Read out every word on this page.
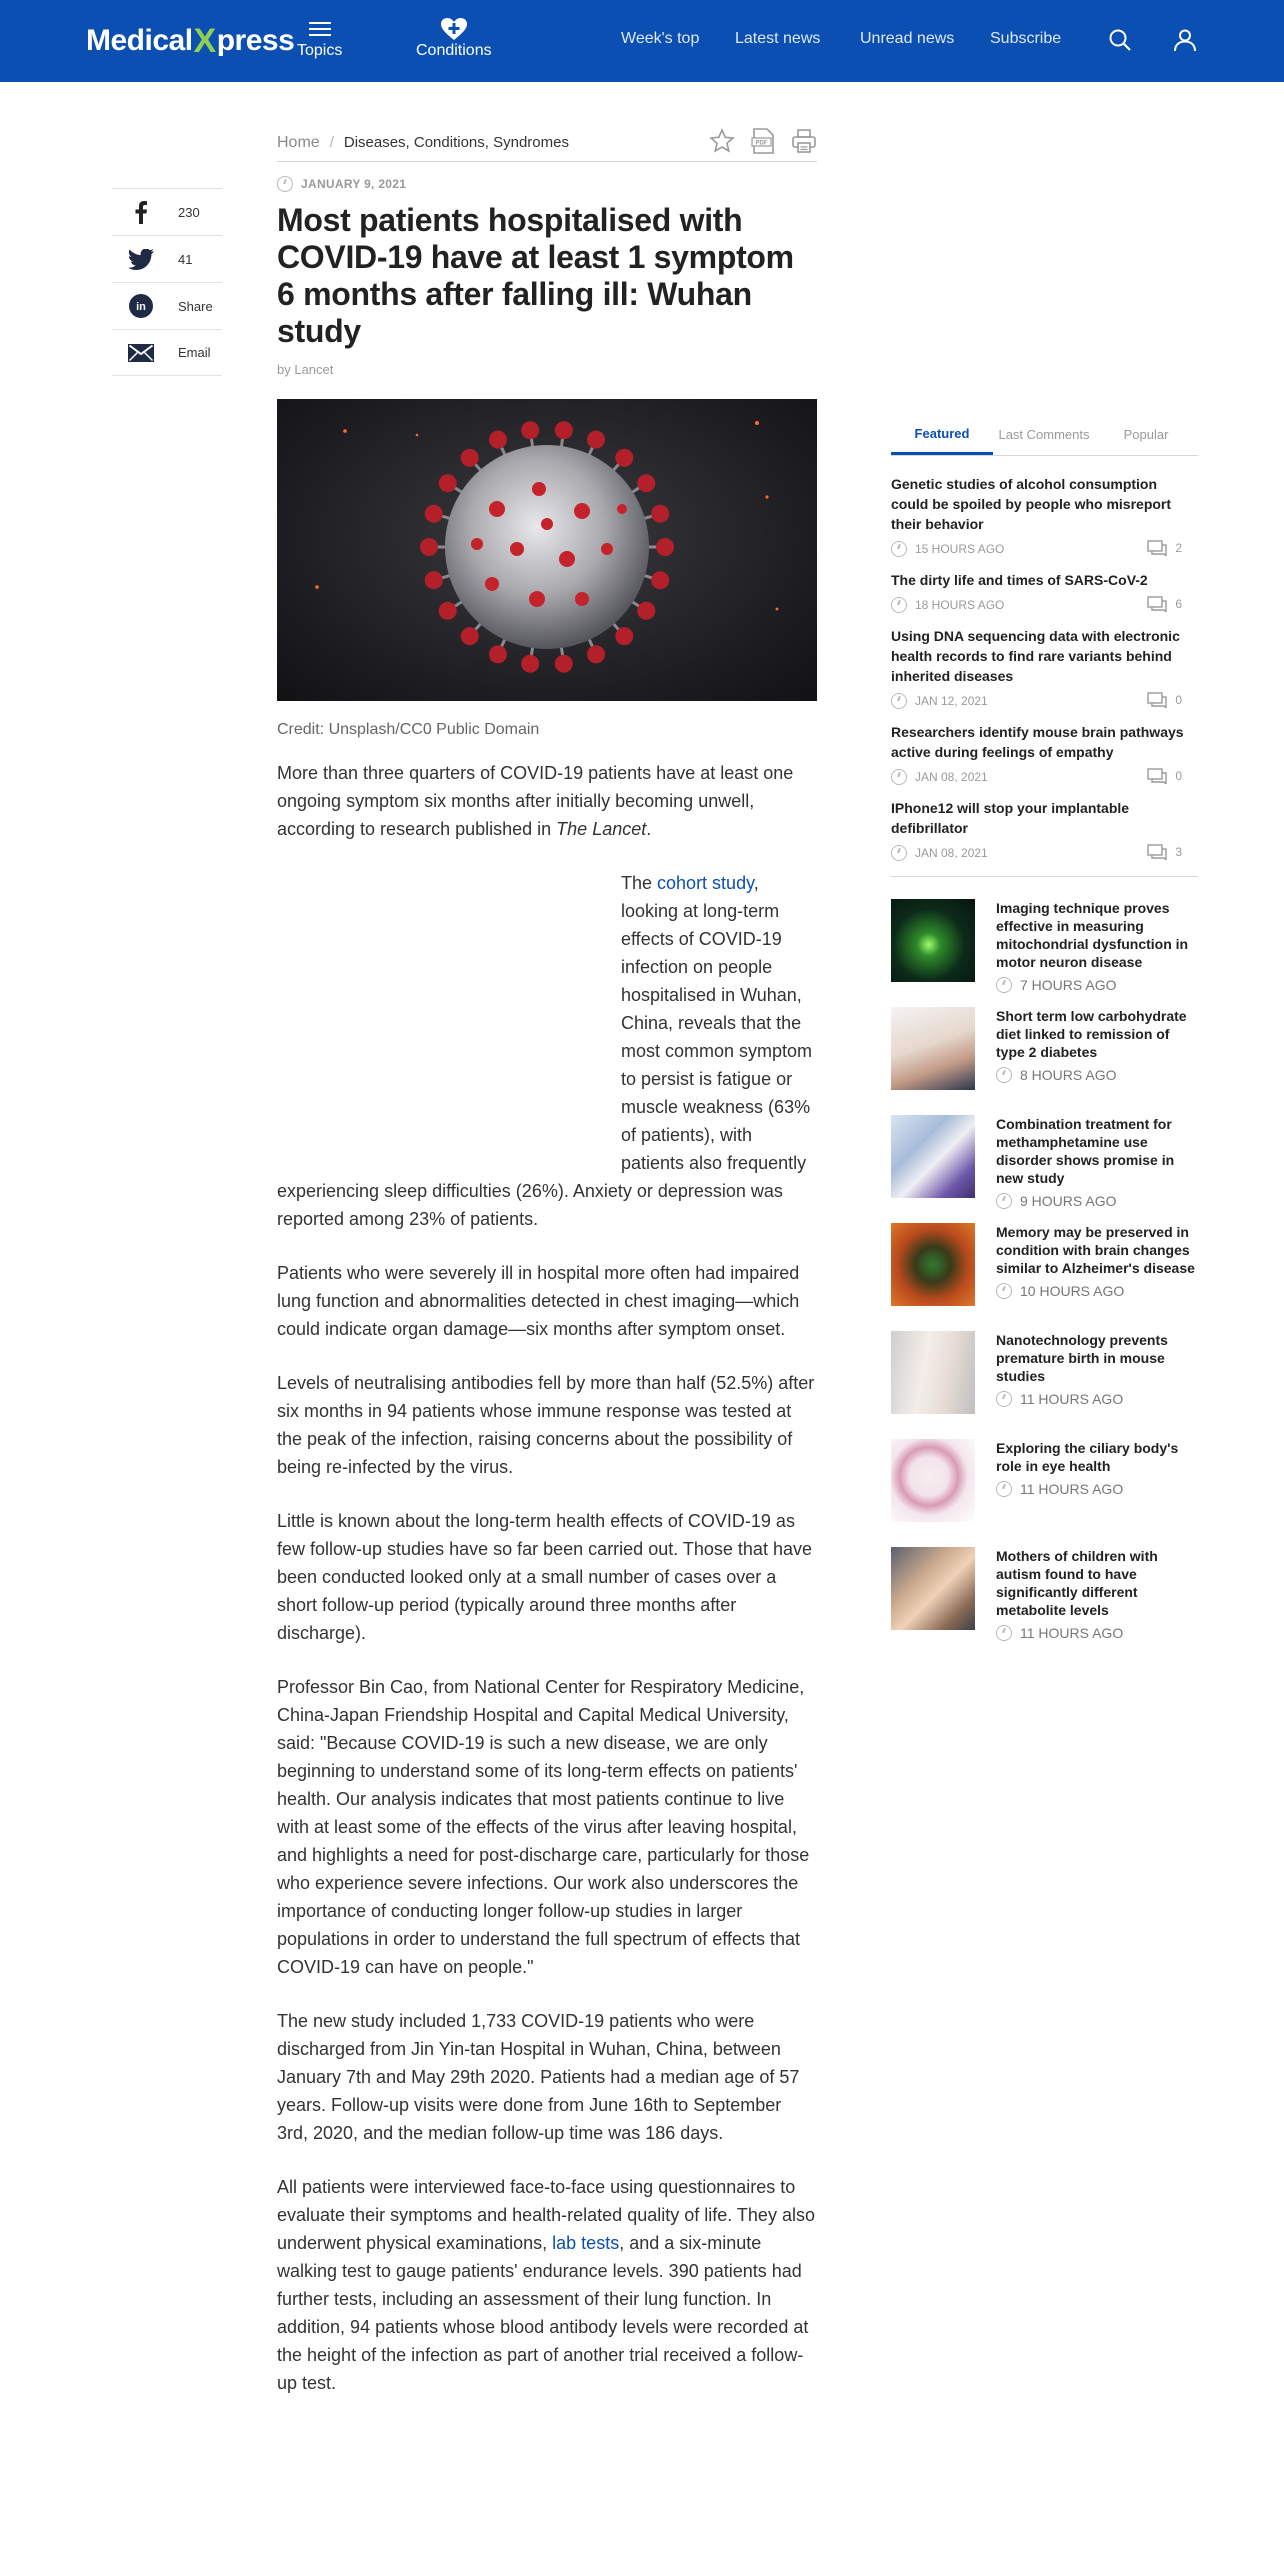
Medical X press Topics	Conditions
Week's top Latest news Unread news Subscribe
230
41
in Share
Email
Home / Diseases, Conditions, Syndromes	PDF
JANUARY 9, 2021
Most patients hospitalised with COVID-19 have at least 1 symptom 6 months after falling ill: Wuhan study
by Lancet
Credit: Unsplash/CC0 Public Domain

More than three quarters of COVID-19 patients have at least one ongoing symptom six months after initially becoming unwell, according to research published in The Lancet.

The cohort study, looking at long-term effects of COVID-19 infection on people hospitalised in Wuhan, China, reveals that the most common symptom to persist is fatigue or muscle weakness (63% of patients), with patients also frequently experiencing sleep difficulties (26%). Anxiety or depression was reported among 23% of patients.

Patients who were severely ill in hospital more often had impaired lung function and abnormalities detected in chest imaging—which could indicate organ damage—six months after symptom onset.

Levels of neutralising antibodies fell by more than half (52.5%) after six months in 94 patients whose immune response was tested at the peak of the infection, raising concerns about the possibility of being re-infected by the virus.

Little is known about the long-term health effects of COVID-19 as few follow-up studies have so far been carried out. Those that have been conducted looked only at a small number of cases over a short follow-up period (typically around three months after discharge).

Professor Bin Cao, from National Center for Respiratory Medicine, China-Japan Friendship Hospital and Capital Medical University, said: "Because COVID-19 is such a new disease, we are only beginning to understand some of its long-term effects on patients' health. Our analysis indicates that most patients continue to live with at least some of the effects of the virus after leaving hospital, and highlights a need for post-discharge care, particularly for those who experience severe infections. Our work also underscores the importance of conducting longer follow-up studies in larger populations in order to understand the full spectrum of effects that COVID-19 can have on people."

The new study included 1,733 COVID-19 patients who were discharged from Jin Yin-tan Hospital in Wuhan, China, between January 7th and May 29th 2020. Patients had a median age of 57 years. Follow-up visits were done from June 16th to September 3rd, 2020, and the median follow-up time was 186 days.

All patients were interviewed face-to-face using questionnaires to evaluate their symptoms and health-related quality of life. They also underwent physical examinations, lab tests, and a six-minute walking test to gauge patients' endurance levels. 390 patients had further tests, including an assessment of their lung function. In addition, 94 patients whose blood antibody levels were recorded at the height of the infection as part of another trial received a follow-up test.

Featured	Last Comments	Popular
Genetic studies of alcohol consumption could be spoiled by people who misreport their behavior
15 HOURS AGO	2
The dirty life and times of SARS-CoV-2
18 HOURS AGO	6
Using DNA sequencing data with electronic health records to find rare variants behind inherited diseases
JAN 12, 2021	0
Researchers identify mouse brain pathways active during feelings of empathy
JAN 08, 2021	0
IPhone12 will stop your implantable defibrillator
JAN 08, 2021	3
Imaging technique proves effective in measuring mitochondrial dysfunction in motor neuron disease
7 HOURS AGO
Short term low carbohydrate diet linked to remission of type 2 diabetes
8 HOURS AGO
Combination treatment for methamphetamine use disorder shows promise in new study
9 HOURS AGO
Memory may be preserved in condition with brain changes similar to Alzheimer's disease
10 HOURS AGO
Nanotechnology prevents premature birth in mouse studies
11 HOURS AGO
Exploring the ciliary body's role in eye health
11 HOURS AGO
Mothers of children with autism found to have significantly different metabolite levels
11 HOURS AGO
